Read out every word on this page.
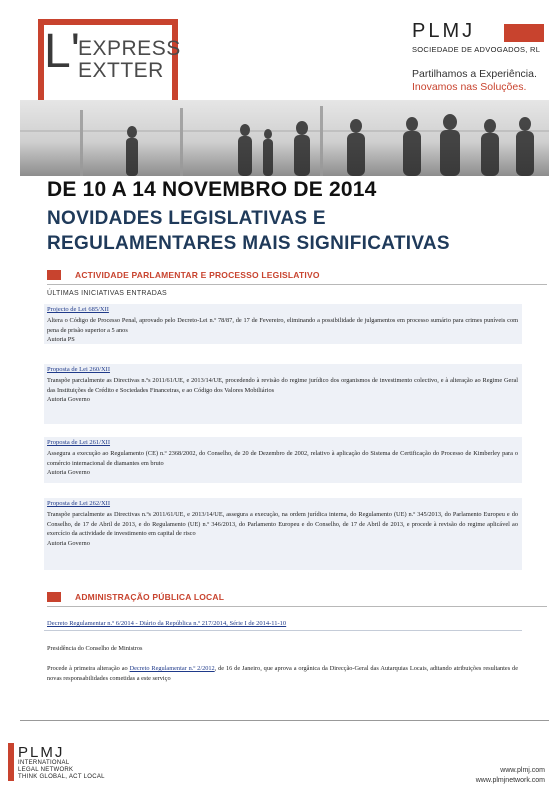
L'
EXPRESS
EXTTER
PLMJ
SOCIEDADE DE ADVOGADOS, RL
Partilhamos a Experiência.
Inovamos nas Soluções.
DE 10 A 14 NOVEMBRO DE 2014
NOVIDADES LEGISLATIVAS E
REGULAMENTARES MAIS SIGNIFICATIVAS
ACTIVIDADE PARLAMENTAR E PROCESSO LEGISLATIVO
ÚLTIMAS INICIATIVAS ENTRADAS
Projecto de Lei 685/XII
Altera o Código de Processo Penal, aprovado pelo Decreto-Lei n.º 78/87, de 17 de Fevereiro, eliminando a possibilidade de julgamentos em processo sumário para crimes puníveis com pena de prisão superior a 5 anos
Autoria PS
Proposta de Lei 260/XII
Transpõe parcialmente as Directivas n.ºs 2011/61/UE, e 2013/14/UE, procedendo à revisão do regime jurídico dos organismos de investimento colectivo, e à alteração ao Regime Geral das Instituições de Crédito e Sociedades Financeiras, e ao Código dos Valores Mobiliários
Autoria Governo
Proposta de Lei 261/XII
Assegura a execução ao Regulamento (CE) n.º 2368/2002, do Conselho, de 20 de Dezembro de 2002, relativo à aplicação do Sistema de Certificação do Processo de Kimberley para o comércio internacional de diamantes em bruto
Autoria Governo
Proposta de Lei 262/XII
Transpõe parcialmente as Directivas n.ºs 2011/61/UE, e 2013/14/UE, assegura a execução, na ordem jurídica interna, do Regulamento (UE) n.º 345/2013, do Parlamento Europeu e do Conselho, de 17 de Abril de 2013, e do Regulamento (UE) n.º 346/2013, do Parlamento Europeu e do Conselho, de 17 de Abril de 2013, e procede à revisão do regime aplicável ao exercício da actividade de investimento em capital de risco
Autoria Governo
ADMINISTRAÇÃO PÚBLICA LOCAL
Decreto Regulamentar n.º 6/2014 - Diário da República n.º 217/2014, Série I de 2014-11-10
Presidência do Conselho de Ministros
Procede à primeira alteração ao Decreto Regulamentar n.º 2/2012, de 16 de Janeiro, que aprova a orgânica da Direcção-Geral das Autarquias Locais, aditando atribuições resultantes de novas responsabilidades cometidas a este serviço
PLMJ
INTERNATIONAL
LEGAL NETWORK
THINK GLOBAL, ACT LOCAL
www.plmj.com
www.plmjnetwork.com
